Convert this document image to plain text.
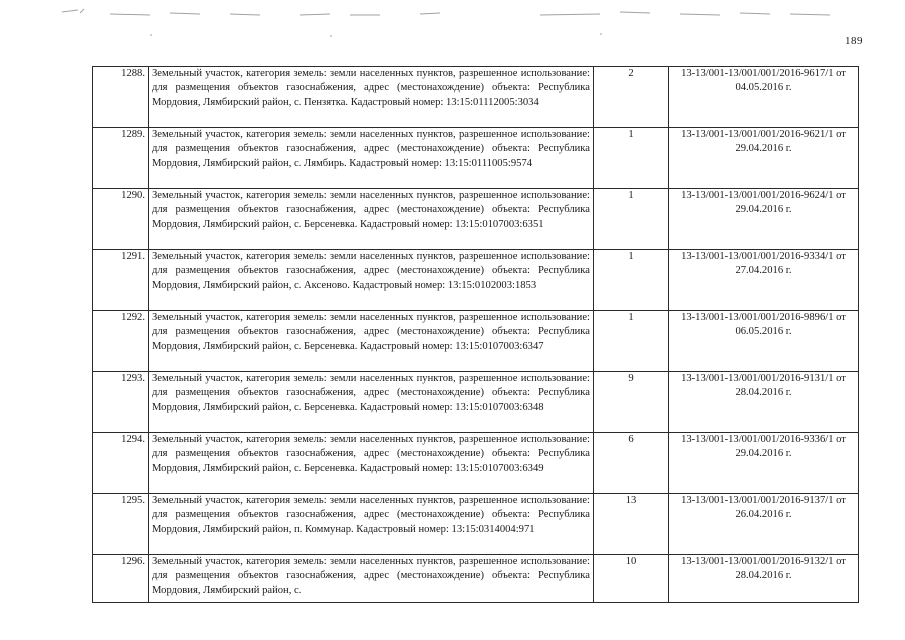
189
1288.	Земельный участок, категория земель: земли населенных пунктов, разрешенное использование: для размещения объектов газоснабжения, адрес (местонахождение) объекта: Республика Мордовия, Лямбирский район, с. Пензятка. Кадастровый номер: 13:15:01112005:3034	2	13-13/001-13/001/001/2016-9617/1 от 04.05.2016 г.
1289.	Земельный участок, категория земель: земли населенных пунктов, разрешенное использование: для размещения объектов газоснабжения, адрес (местонахождение) объекта: Республика Мордовия, Лямбирский район, с. Лямбирь. Кадастровый номер: 13:15:0111005:9574	1	13-13/001-13/001/001/2016-9621/1 от 29.04.2016 г.
1290.	Земельный участок, категория земель: земли населенных пунктов, разрешенное использование: для размещения объектов газоснабжения, адрес (местонахождение) объекта: Республика Мордовия, Лямбирский район, с. Берсеневка. Кадастровый номер: 13:15:0107003:6351	1	13-13/001-13/001/001/2016-9624/1 от 29.04.2016 г.
1291.	Земельный участок, категория земель: земли населенных пунктов, разрешенное использование: для размещения объектов газоснабжения, адрес (местонахождение) объекта: Республика Мордовия, Лямбирский район, с. Аксеново. Кадастровый номер: 13:15:0102003:1853	1	13-13/001-13/001/001/2016-9334/1 от 27.04.2016 г.
1292.	Земельный участок, категория земель: земли населенных пунктов, разрешенное использование: для размещения объектов газоснабжения, адрес (местонахождение) объекта: Республика Мордовия, Лямбирский район, с. Берсеневка. Кадастровый номер: 13:15:0107003:6347	1	13-13/001-13/001/001/2016-9896/1 от 06.05.2016 г.
1293.	Земельный участок, категория земель: земли населенных пунктов, разрешенное использование: для размещения объектов газоснабжения, адрес (местонахождение) объекта: Республика Мордовия, Лямбирский район, с. Берсеневка. Кадастровый номер: 13:15:0107003:6348	9	13-13/001-13/001/001/2016-9131/1 от 28.04.2016 г.
1294.	Земельный участок, категория земель: земли населенных пунктов, разрешенное использование: для размещения объектов газоснабжения, адрес (местонахождение) объекта: Республика Мордовия, Лямбирский район, с. Берсеневка. Кадастровый номер: 13:15:0107003:6349	6	13-13/001-13/001/001/2016-9336/1 от 29.04.2016 г.
1295.	Земельный участок, категория земель: земли населенных пунктов, разрешенное использование: для размещения объектов газоснабжения, адрес (местонахождение) объекта: Республика Мордовия, Лямбирский район, п. Коммунар. Кадастровый номер: 13:15:0314004:971	13	13-13/001-13/001/001/2016-9137/1 от 26.04.2016 г.
1296.	Земельный участок, категория земель: земли населенных пунктов, разрешенное использование: для размещения объектов газоснабжения, адрес (местонахождение) объекта: Республика Мордовия, Лямбирский район, с.	10	13-13/001-13/001/001/2016-9132/1 от 28.04.2016 г.
